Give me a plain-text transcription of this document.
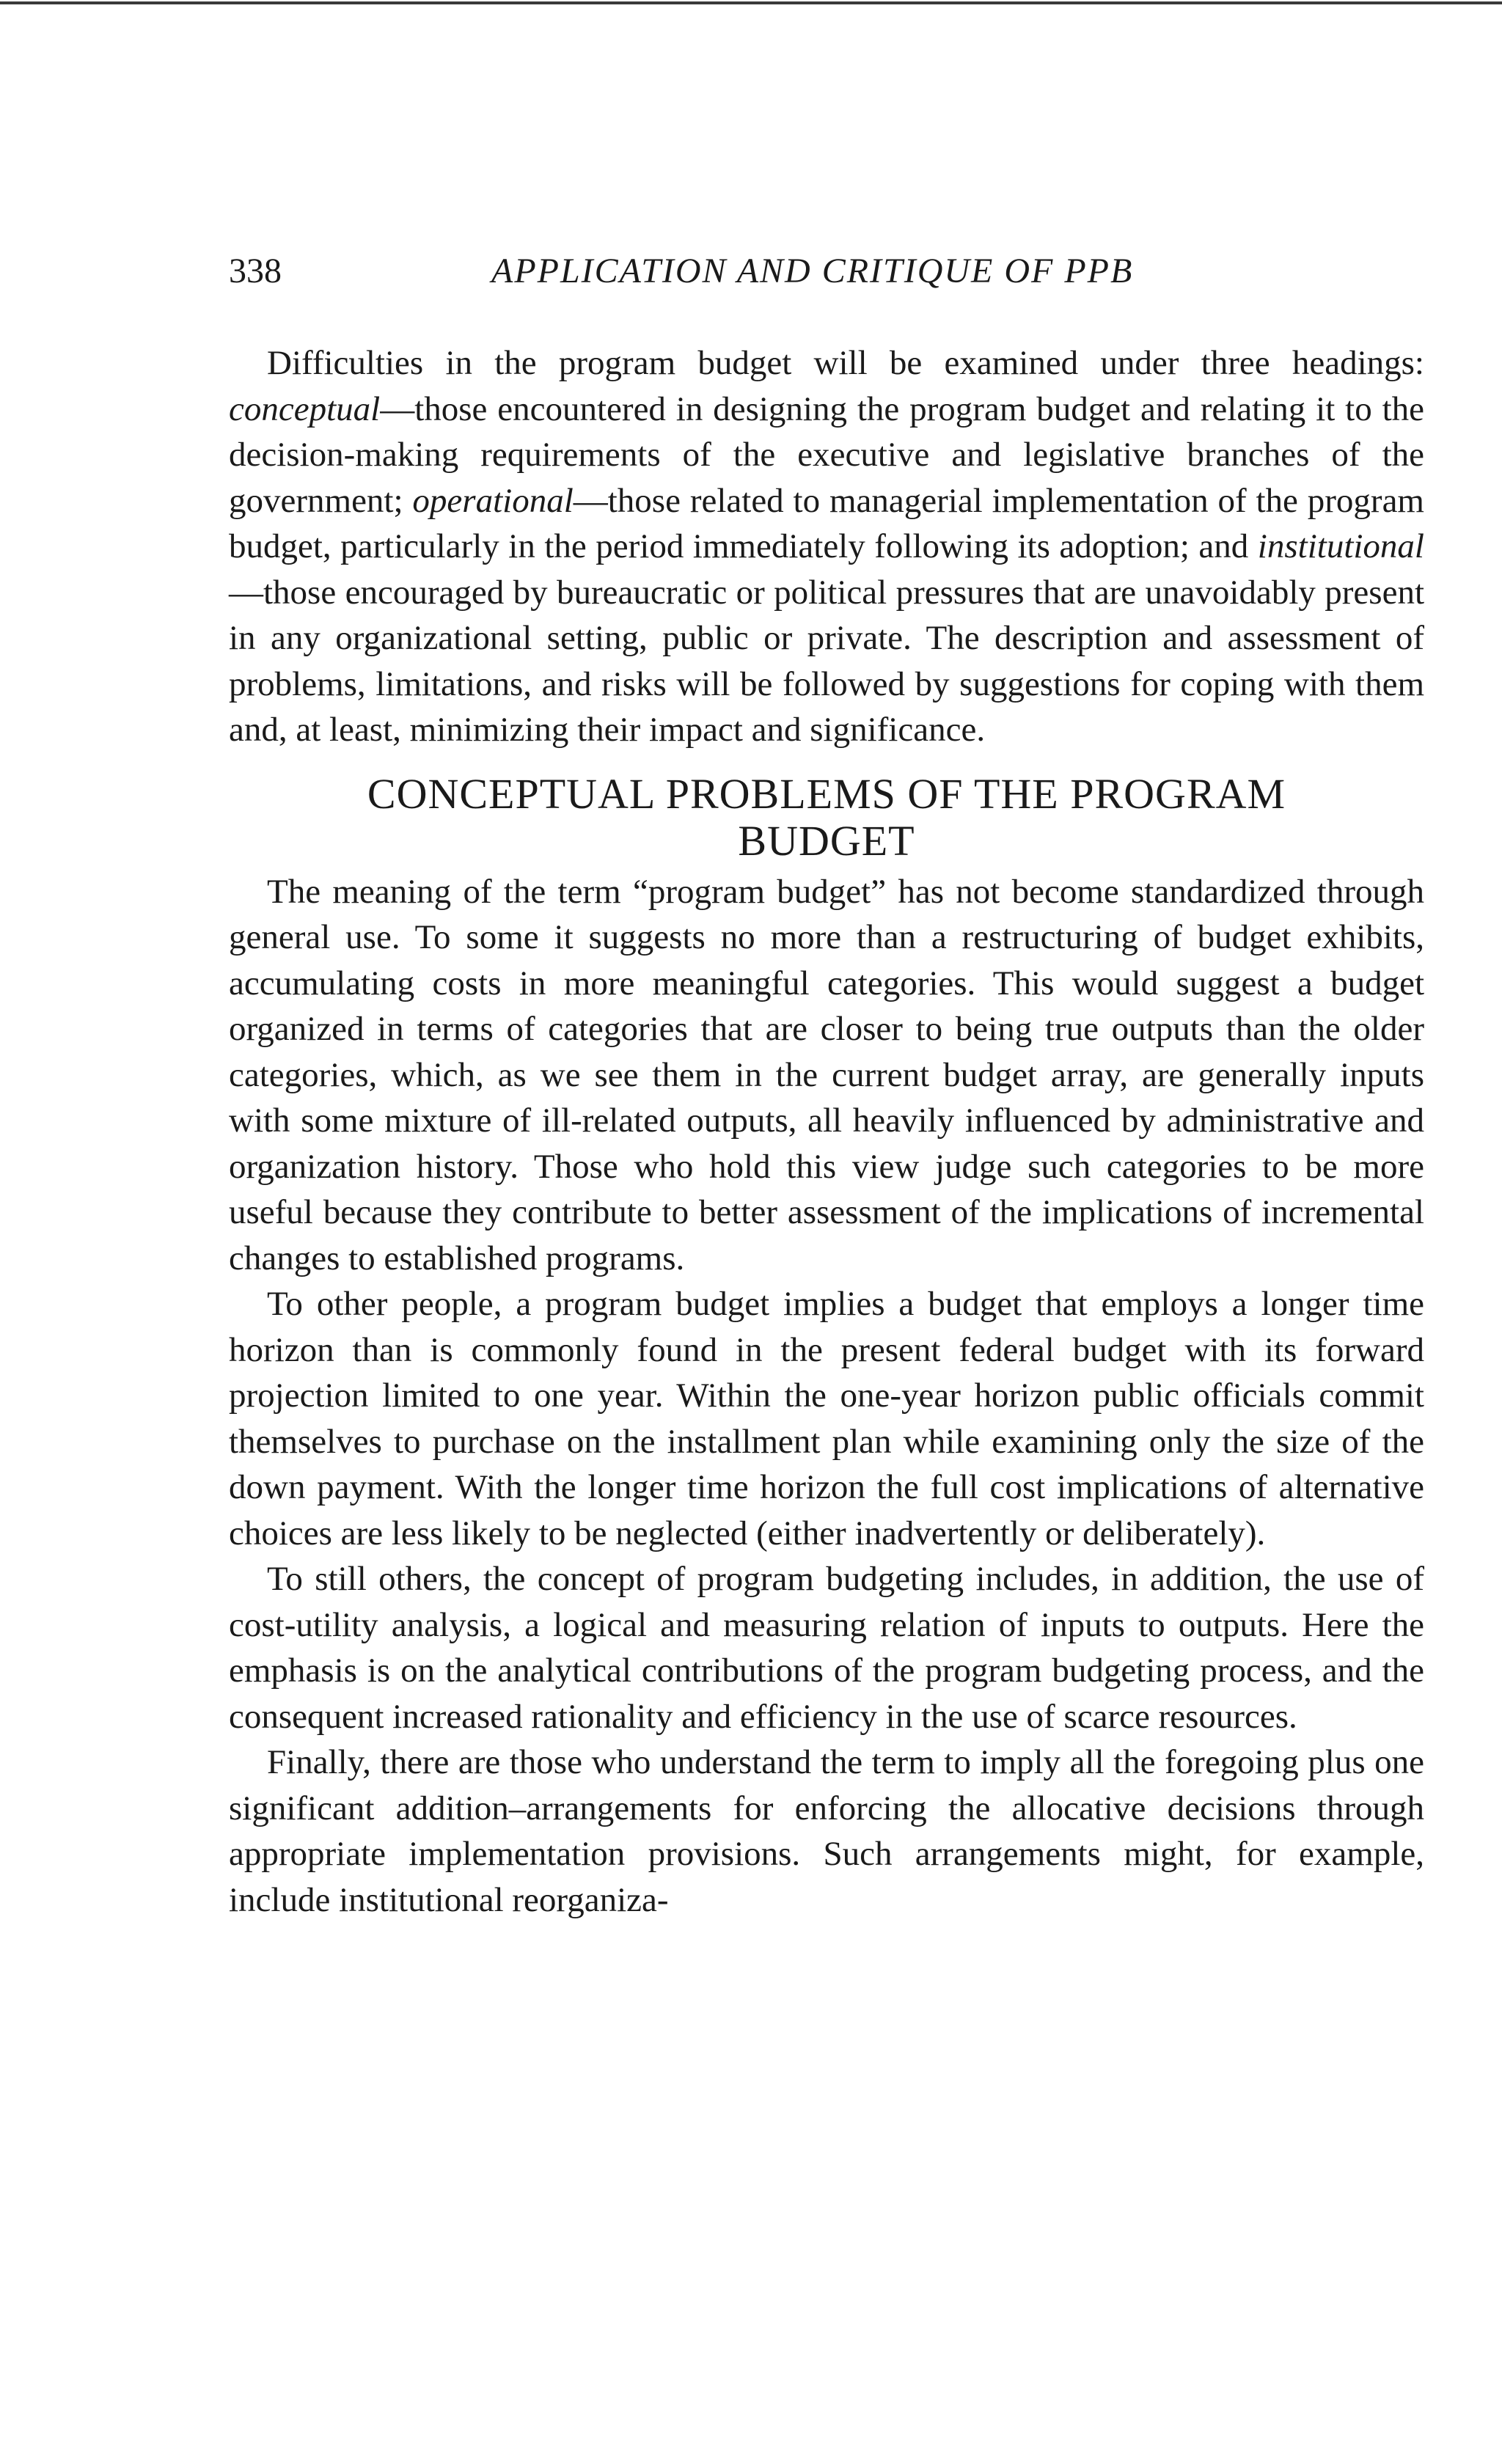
338	APPLICATION AND CRITIQUE OF PPB

Difficulties in the program budget will be examined under three headings: conceptual—those encountered in designing the program budget and relating it to the decision-making requirements of the executive and legislative branches of the government; operational—those related to managerial implementation of the program budget, particularly in the period immediately following its adoption; and institutional—those encouraged by bureaucratic or political pressures that are unavoidably present in any organizational setting, public or private. The description and assessment of problems, limitations, and risks will be followed by suggestions for coping with them and, at least, minimizing their impact and significance.

CONCEPTUAL PROBLEMS OF THE PROGRAM
BUDGET

The meaning of the term “program budget” has not become standardized through general use. To some it suggests no more than a restructuring of budget exhibits, accumulating costs in more meaningful categories. This would suggest a budget organized in terms of categories that are closer to being true outputs than the older categories, which, as we see them in the current budget array, are generally inputs with some mixture of ill-related outputs, all heavily influenced by administrative and organization history. Those who hold this view judge such categories to be more useful because they contribute to better assessment of the implications of incremental changes to established programs.

To other people, a program budget implies a budget that employs a longer time horizon than is commonly found in the present federal budget with its forward projection limited to one year. Within the one-year horizon public officials commit themselves to purchase on the installment plan while examining only the size of the down payment. With the longer time horizon the full cost implications of alternative choices are less likely to be neglected (either inadvertently or deliberately).

To still others, the concept of program budgeting includes, in addition, the use of cost-utility analysis, a logical and measuring relation of inputs to outputs. Here the emphasis is on the analytical contributions of the program budgeting process, and the consequent increased rationality and efficiency in the use of scarce resources.

Finally, there are those who understand the term to imply all the foregoing plus one significant addition–arrangements for enforcing the allocative decisions through appropriate implementation provisions. Such arrangements might, for example, include institutional reorganiza-
